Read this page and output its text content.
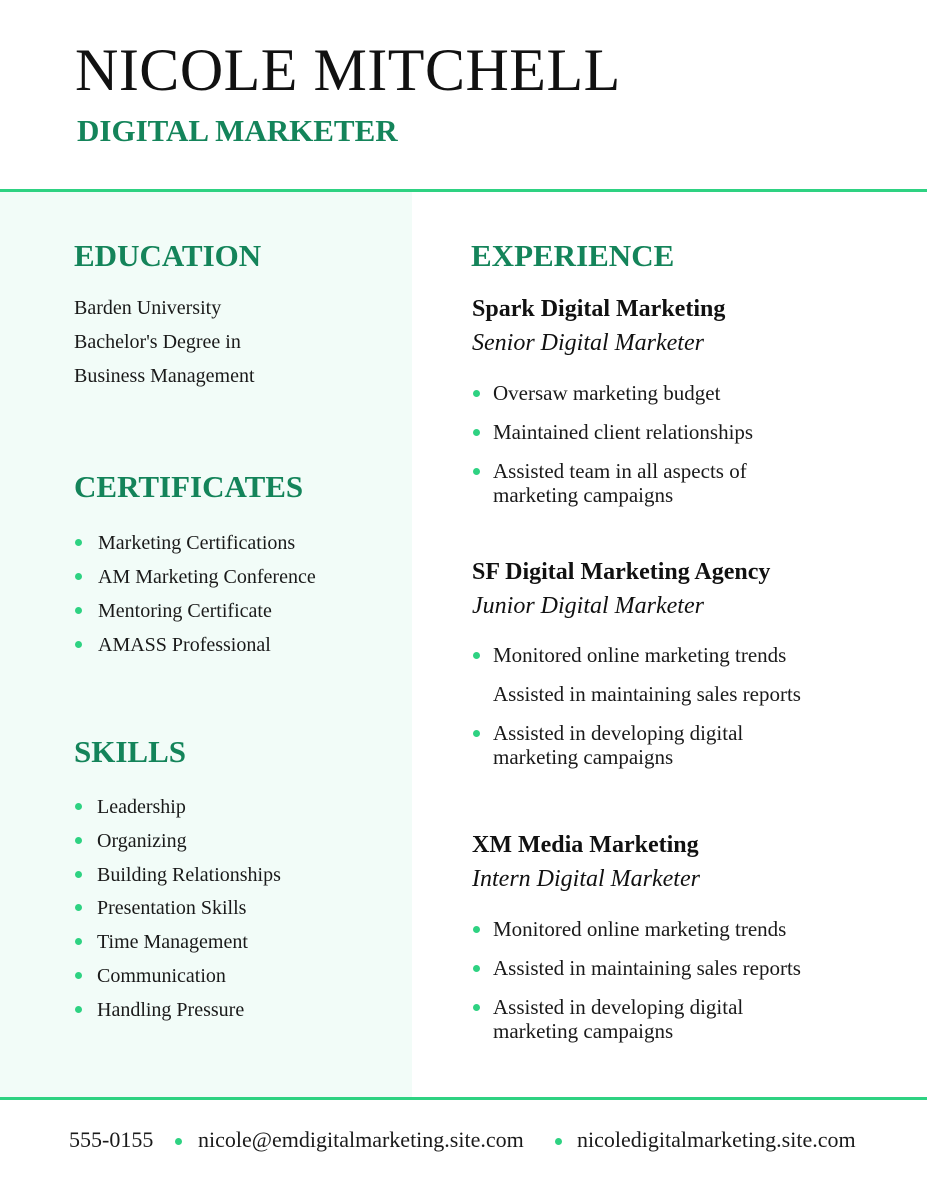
NICOLE MITCHELL
DIGITAL MARKETER
EDUCATION
Barden University
Bachelor's Degree in
Business Management
CERTIFICATES
Marketing Certifications
AM Marketing Conference
Mentoring Certificate
AMASS Professional
SKILLS
Leadership
Organizing
Building Relationships
Presentation Skills
Time Management
Communication
Handling Pressure
EXPERIENCE
Spark Digital Marketing
Senior Digital Marketer
Oversaw marketing budget
Maintained client relationships
Assisted team in all aspects of marketing campaigns
SF Digital Marketing Agency
Junior Digital Marketer
Monitored online marketing trends
Assisted in maintaining sales reports
Assisted in developing digital marketing campaigns
XM Media Marketing
Intern Digital Marketer
Monitored online marketing trends
Assisted in maintaining sales reports
Assisted in developing digital marketing campaigns
555-0155 nicole@emdigitalmarketing.site.com nicoledigitalmarketing.site.com
